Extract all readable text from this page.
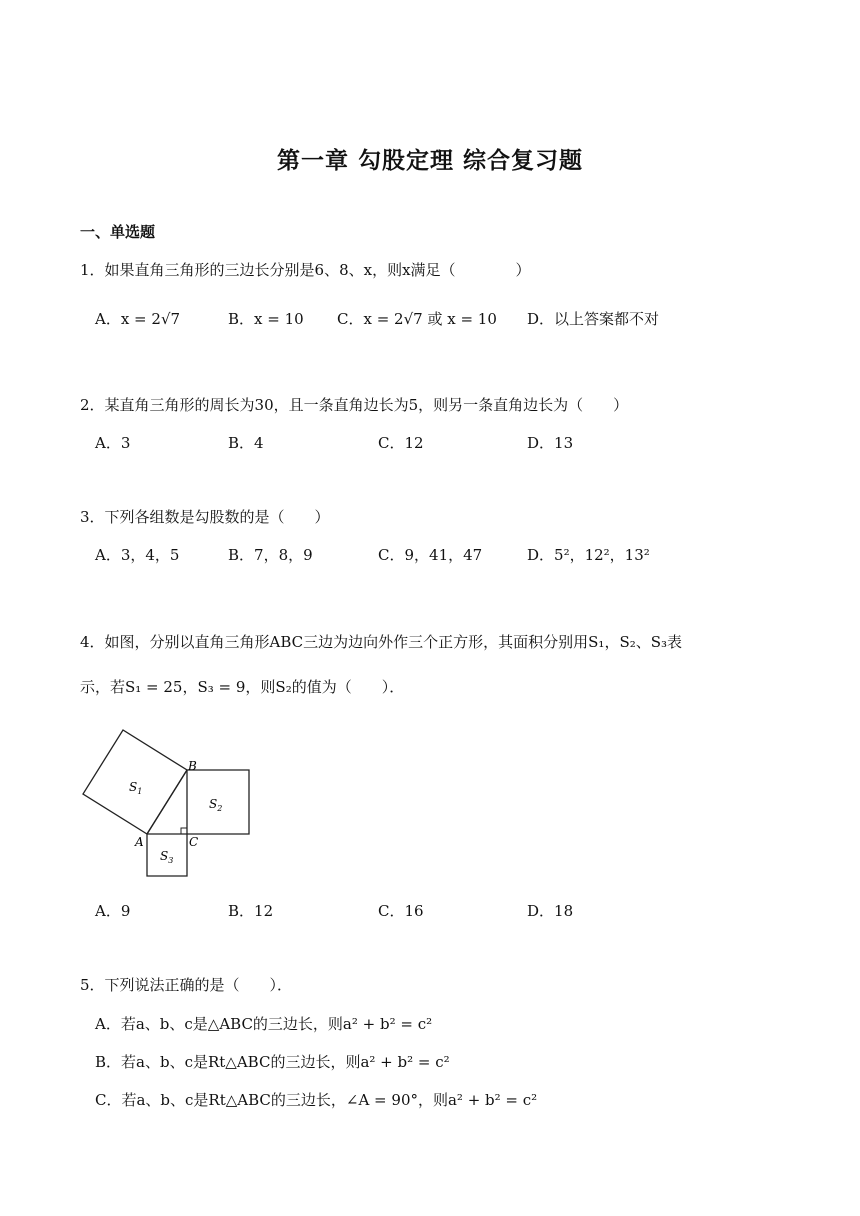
第一章 勾股定理 综合复习题
一、单选题
1．如果直角三角形的三边长分别是6、8、x，则x满足（　　　　）
A．x = 2√7	B．x = 10 C．x = 2√7 或 x = 10 D．以上答案都不对
2．某直角三角形的周长为30，且一条直角边长为5，则另一条直角边长为（　　）
A．3	B．4	C．12	D．13
3．下列各组数是勾股数的是（　　）
A．3，4，5	B．7，8，9	C．9，41，47	D．5²，12²，13²
4．如图，分别以直角三角形ABC三边为边向外作三个正方形，其面积分别用S₁，S₂、S₃表
示，若S₁ = 25，S₃ = 9，则S₂的值为（　　）．
$S_1$
$S_2$
$S_3$
B
A	C
A．9	B．12	C．16	D．18
5．下列说法正确的是（　　）．
A．若a、b、c是△ABC的三边长，则a² + b² = c²
B．若a、b、c是Rt△ABC的三边长，则a² + b² = c²
C．若a、b、c是Rt△ABC的三边长，∠A = 90°，则a² + b² = c²
